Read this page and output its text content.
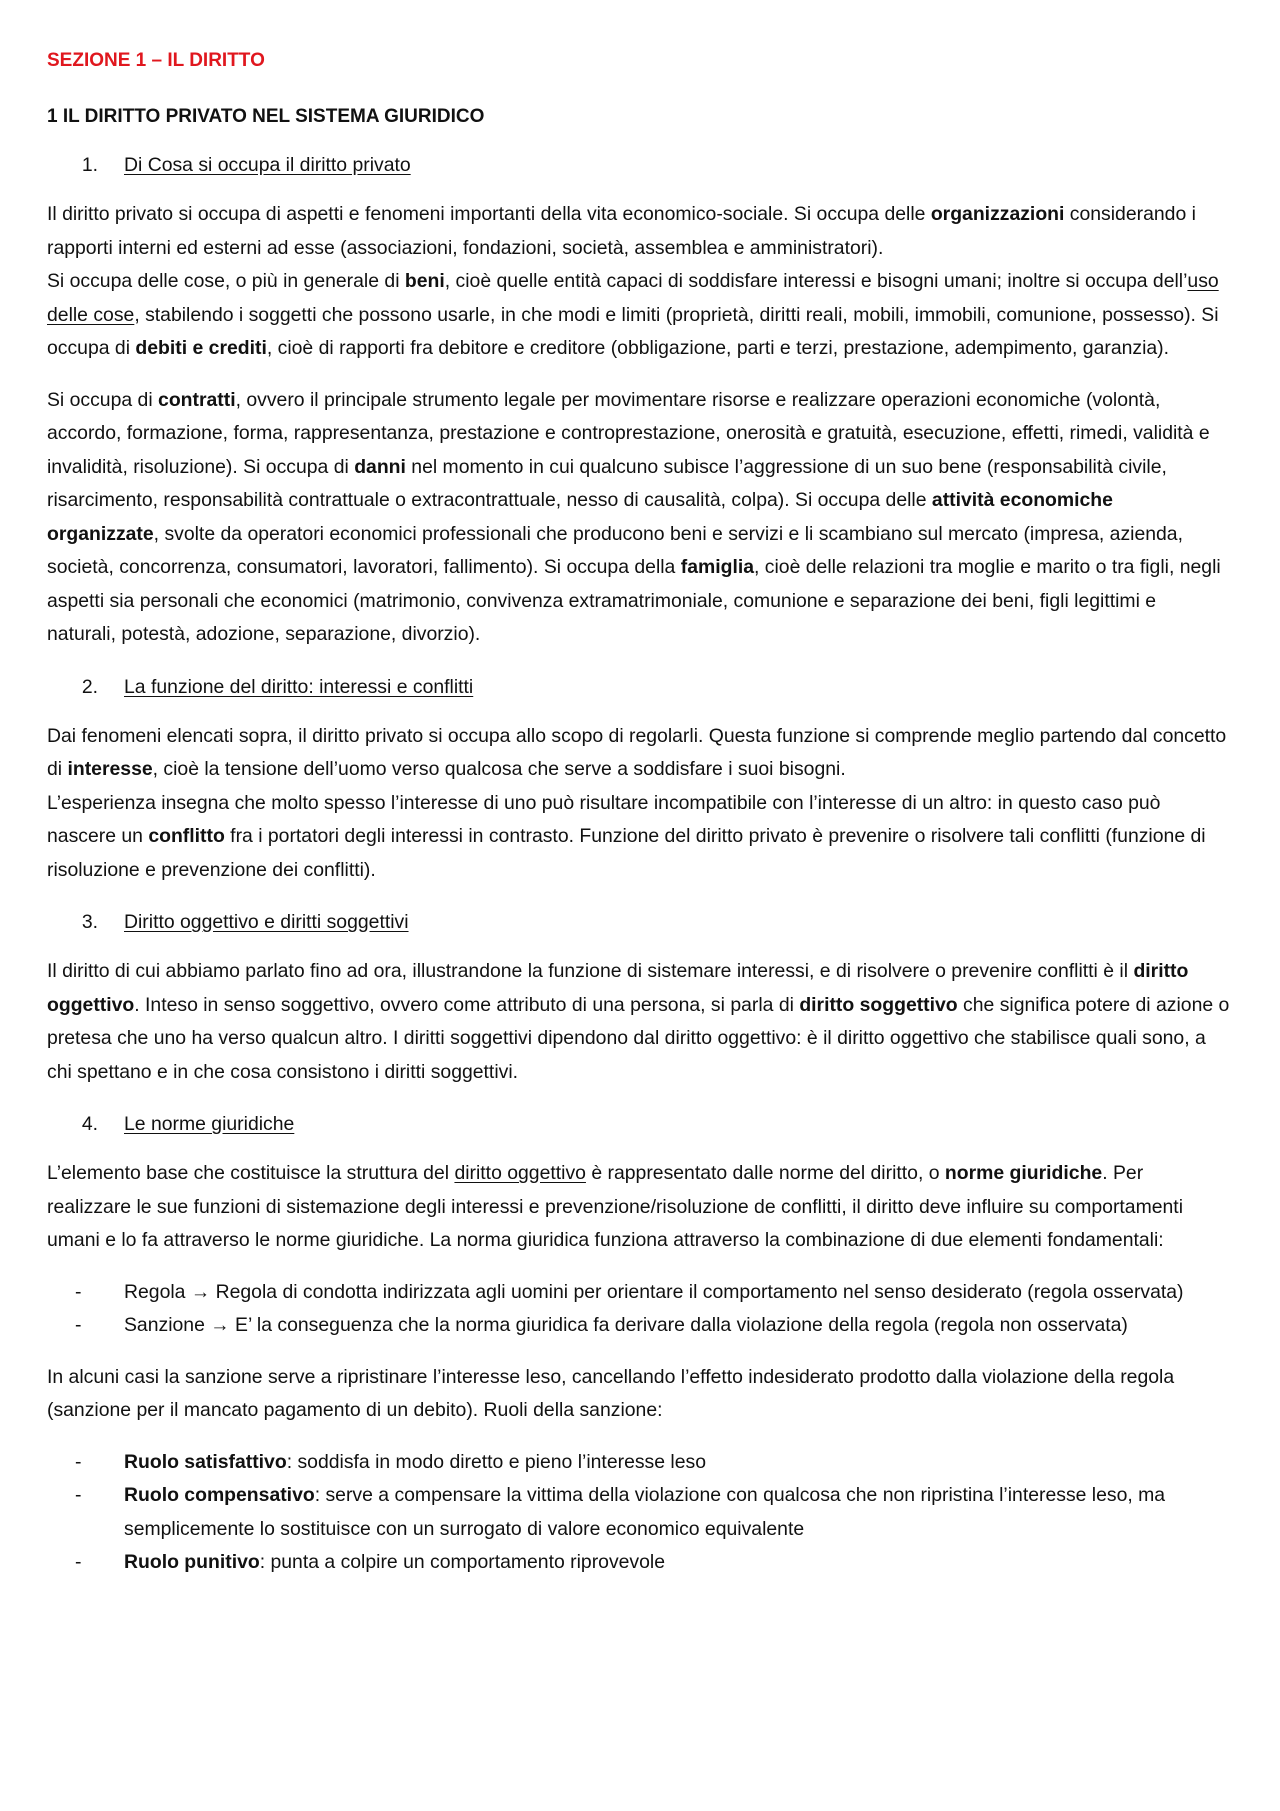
SEZIONE 1 – IL DIRITTO
1 IL DIRITTO PRIVATO NEL SISTEMA GIURIDICO
1.	Di Cosa si occupa il diritto privato

Il diritto privato si occupa di aspetti e fenomeni importanti della vita economico-sociale. Si occupa delle organizzazioni considerando i rapporti interni ed esterni ad esse (associazioni, fondazioni, società, assemblea e amministratori).
Si occupa delle cose, o più in generale di beni, cioè quelle entità capaci di soddisfare interessi e bisogni umani; inoltre si occupa dell’uso delle cose, stabilendo i soggetti che possono usarle, in che modi e limiti (proprietà, diritti reali, mobili, immobili, comunione, possesso). Si occupa di debiti e crediti, cioè di rapporti fra debitore e creditore (obbligazione, parti e terzi, prestazione, adempimento, garanzia).

Si occupa di contratti, ovvero il principale strumento legale per movimentare risorse e realizzare operazioni economiche (volontà, accordo, formazione, forma, rappresentanza, prestazione e controprestazione, onerosità e gratuità, esecuzione, effetti, rimedi, validità e invalidità, risoluzione). Si occupa di danni nel momento in cui qualcuno subisce l’aggressione di un suo bene (responsabilità civile, risarcimento, responsabilità contrattuale o extracontrattuale, nesso di causalità, colpa). Si occupa delle attività economiche organizzate, svolte da operatori economici professionali che producono beni e servizi e li scambiano sul mercato (impresa, azienda, società, concorrenza, consumatori, lavoratori, fallimento). Si occupa della famiglia, cioè delle relazioni tra moglie e marito o tra figli, negli aspetti sia personali che economici (matrimonio, convivenza extramatrimoniale, comunione e separazione dei beni, figli legittimi e naturali, potestà, adozione, separazione, divorzio).

2.	La funzione del diritto: interessi e conflitti

Dai fenomeni elencati sopra, il diritto privato si occupa allo scopo di regolarli. Questa funzione si comprende meglio partendo dal concetto di interesse, cioè la tensione dell’uomo verso qualcosa che serve a soddisfare i suoi bisogni.
L’esperienza insegna che molto spesso l’interesse di uno può risultare incompatibile con l’interesse di un altro: in questo caso può nascere un conflitto fra i portatori degli interessi in contrasto. Funzione del diritto privato è prevenire o risolvere tali conflitti (funzione di risoluzione e prevenzione dei conflitti).

3.	Diritto oggettivo e diritti soggettivi

Il diritto di cui abbiamo parlato fino ad ora, illustrandone la funzione di sistemare interessi, e di risolvere o prevenire conflitti è il diritto oggettivo. Inteso in senso soggettivo, ovvero come attributo di una persona, si parla di diritto soggettivo che significa potere di azione o pretesa che uno ha verso qualcun altro. I diritti soggettivi dipendono dal diritto oggettivo: è il diritto oggettivo che stabilisce quali sono, a chi spettano e in che cosa consistono i diritti soggettivi.

4.	Le norme giuridiche

L’elemento base che costituisce la struttura del diritto oggettivo è rappresentato dalle norme del diritto, o norme giuridiche. Per realizzare le sue funzioni di sistemazione degli interessi e prevenzione/risoluzione de conflitti, il diritto deve influire su comportamenti umani e lo fa attraverso le norme giuridiche. La norma giuridica funziona attraverso la combinazione di due elementi fondamentali:

-	Regola → Regola di condotta indirizzata agli uomini per orientare il comportamento nel senso desiderato (regola osservata)
-	Sanzione → E’ la conseguenza che la norma giuridica fa derivare dalla violazione della regola (regola non osservata)

In alcuni casi la sanzione serve a ripristinare l’interesse leso, cancellando l’effetto indesiderato prodotto dalla violazione della regola (sanzione per il mancato pagamento di un debito). Ruoli della sanzione:

-	Ruolo satisfattivo: soddisfa in modo diretto e pieno l’interesse leso
-	Ruolo compensativo: serve a compensare la vittima della violazione con qualcosa che non ripristina l’interesse leso, ma semplicemente lo sostituisce con un surrogato di valore economico equivalente
-	Ruolo punitivo: punta a colpire un comportamento riprovevole
